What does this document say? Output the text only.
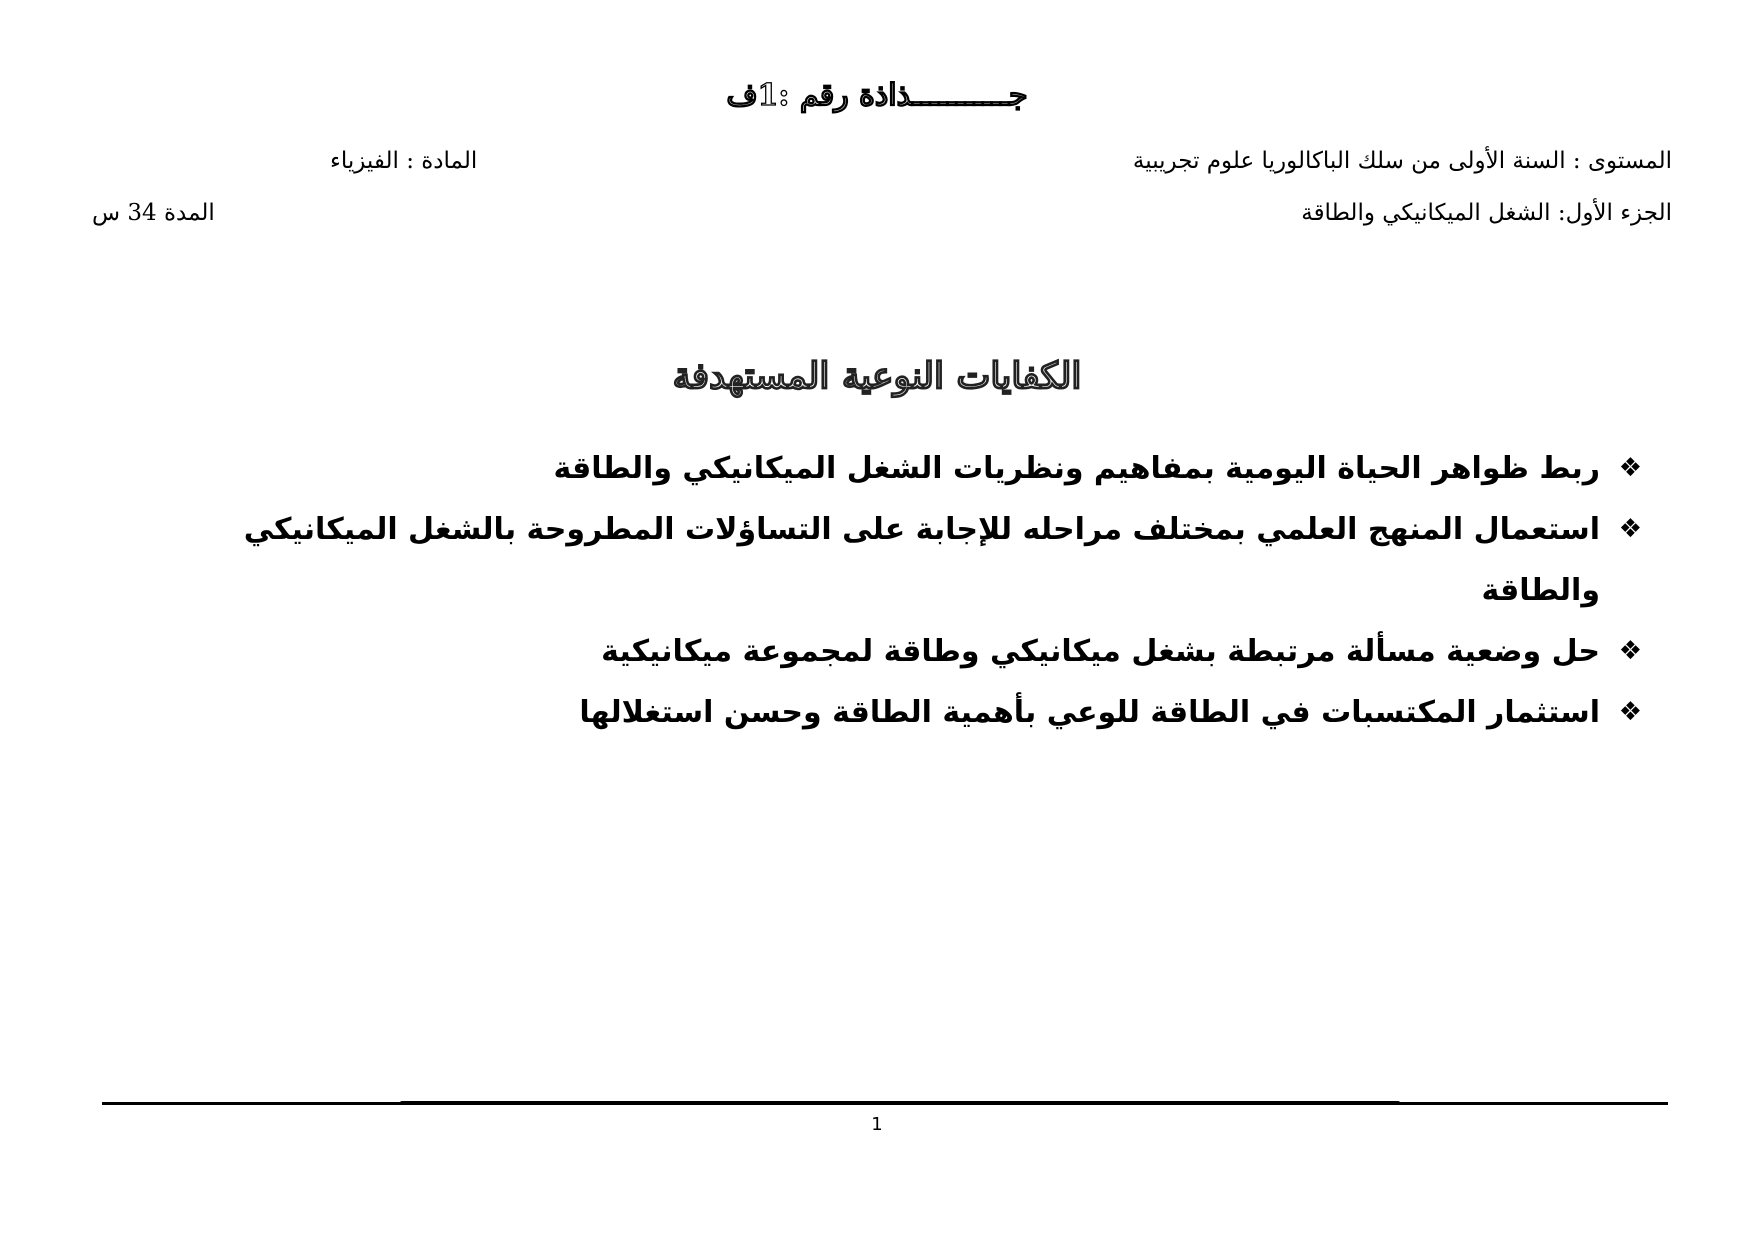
جـــــــــــذاذة رقم :1ف
المستوى : السنة الأولى من سلك الباكالوريا علوم تجريبية
المادة : الفيزياء
الجزء الأول: الشغل الميكانيكي والطاقة
المدة 34 س
الكفايات النوعية المستهدفة
❖
ربط ظواهر الحياة اليومية بمفاهيم ونظريات الشغل الميكانيكي والطاقة
❖
استعمال المنهج العلمي بمختلف مراحله للإجابة على التساؤلات المطروحة بالشغل الميكانيكي والطاقة
❖
حل وضعية مسألة مرتبطة بشغل ميكانيكي وطاقة لمجموعة ميكانيكية
❖
استثمار المكتسبات في الطاقة للوعي بأهمية الطاقة وحسن استغلالها
1
